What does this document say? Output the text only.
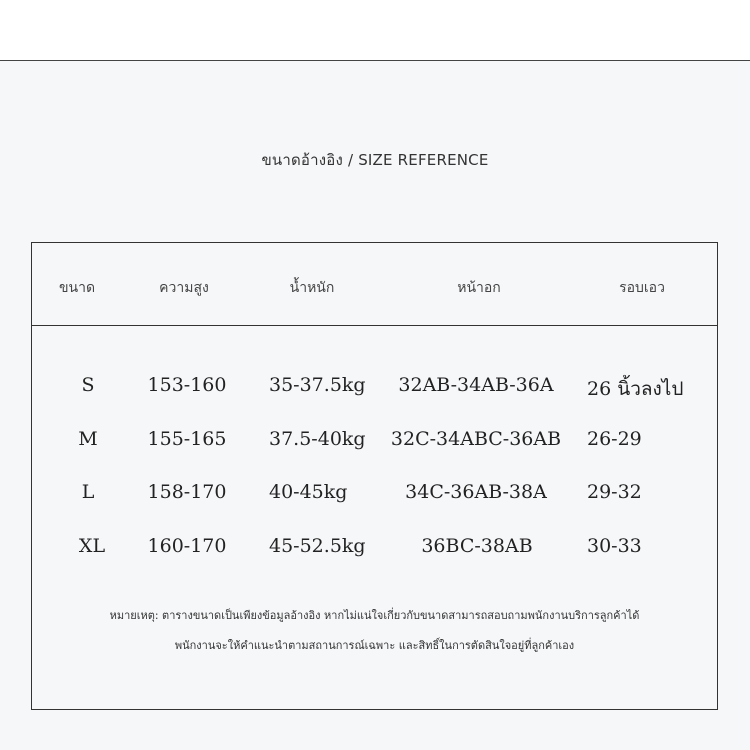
ขนาดอ้างอิง / SIZE REFERENCE
ขนาด	ความสูง	น้ำหนัก	หน้าอก	รอบเอว
S	153-160 35-37.5kg 32AB-34AB-36A 26 นิ้วลงไป
M	155-165 37.5-40kg 32C-34ABC-36AB 26-29
L	158-170 40-45kg	34C-36AB-38A 29-32
XL 160-170 45-52.5kg	36BC-38AB	30-33
หมายเหตุ: ตารางขนาดเป็นเพียงข้อมูลอ้างอิง หากไม่แน่ใจเกี่ยวกับขนาดสามารถสอบถามพนักงานบริการลูกค้าได้
พนักงานจะให้คำแนะนำตามสถานการณ์เฉพาะ และสิทธิ์ในการตัดสินใจอยู่ที่ลูกค้าเอง
